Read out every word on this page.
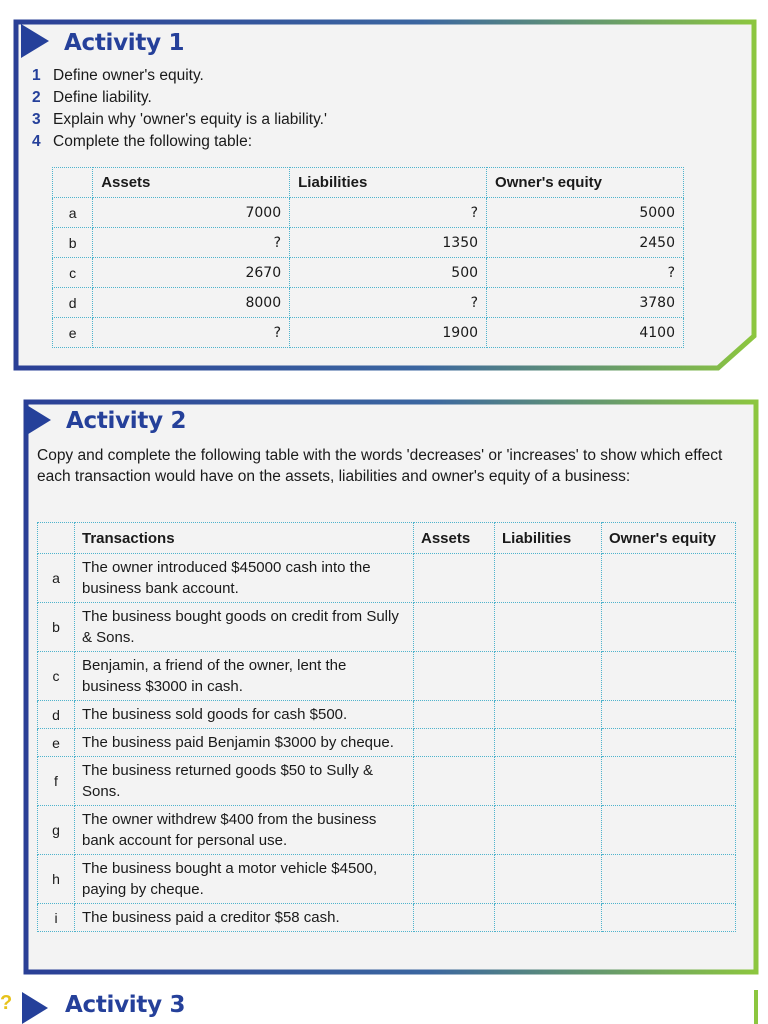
Activity 1
1 Define owner's equity.
2 Define liability.
3 Explain why 'owner's equity is a liability.'
4 Complete the following table:
	Assets	Liabilities	Owner's equity
a	7000	?	5000
b	?	1350	2450
c	2670	500	?
d	8000	?	3780
e	?	1900	4100
Activity 2

Copy and complete the following table with the words 'decreases' or 'increases' to show which effect each transaction would have on the assets, liabilities and owner's equity of a business:

	Transactions	Assets	Liabilities	Owner's equity
a	The owner introduced $45000 cash into the business bank account.			
b	The business bought goods on credit from Sully & Sons.			
c	Benjamin, a friend of the owner, lent the business $3000 in cash.			
d	The business sold goods for cash $500.			
e	The business paid Benjamin $3000 by cheque.			
f	The business returned goods $50 to Sully & Sons.			
g	The owner withdrew $400 from the business bank account for personal use.			
h	The business bought a motor vehicle $4500, paying by cheque.			
i	The business paid a creditor $58 cash.			
? Activity 3
